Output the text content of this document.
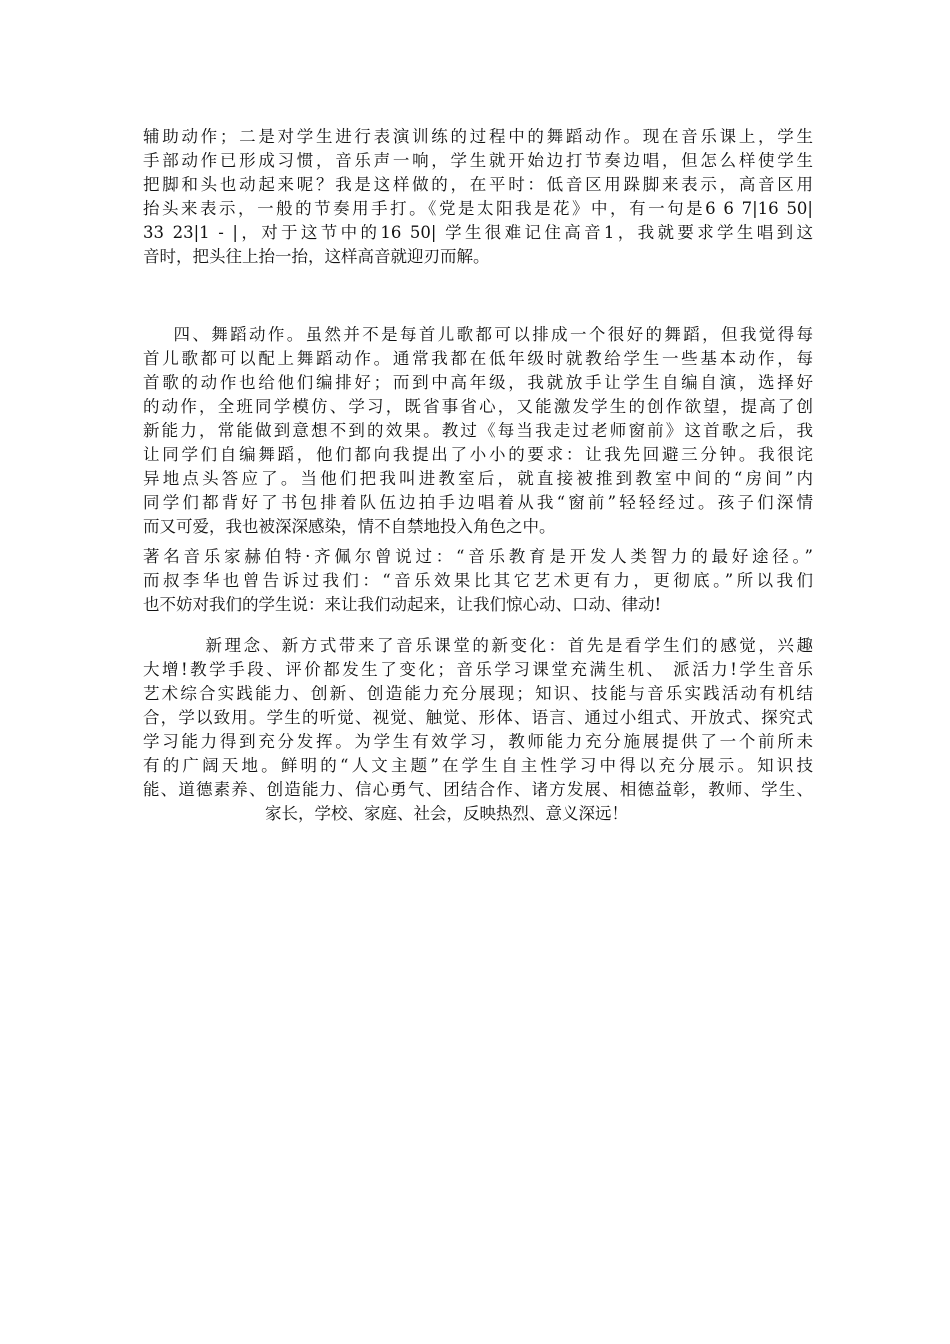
辅助动作；二是对学生进行表演训练的过程中的舞蹈动作。现在音乐课上，学生
手部动作已形成习惯，音乐声一响，学生就开始边打节奏边唱，但怎么样使学生
把脚和头也动起来呢？我是这样做的，在平时：低音区用跺脚来表示，高音区用
抬头来表示，一般的节奏用手打。《党是太阳我是花》中，有一句是6 6 7|16 50|
33 23|1 - |，对于这节中的16 50| 学生很难记住高音1，我就要求学生唱到这
音时，把头往上抬一抬，这样高音就迎刃而解。
四、舞蹈动作。虽然并不是每首儿歌都可以排成一个很好的舞蹈，但我觉得每
首儿歌都可以配上舞蹈动作。通常我都在低年级时就教给学生一些基本动作，每
首歌的动作也给他们编排好；而到中高年级，我就放手让学生自编自演，选择好
的动作，全班同学模仿、学习，既省事省心，又能激发学生的创作欲望，提高了创
新能力，常能做到意想不到的效果。教过《每当我走过老师窗前》这首歌之后，我
让同学们自编舞蹈，他们都向我提出了小小的要求：让我先回避三分钟。我很诧
异地点头答应了。当他们把我叫进教室后，就直接被推到教室中间的“房间”内
同学们都背好了书包排着队伍边拍手边唱着从我“窗前”轻轻经过。孩子们深情
而又可爱，我也被深深感染，情不自禁地投入角色之中。
著名音乐家赫伯特·齐佩尔曾说过：“音乐教育是开发人类智力的最好途径。”
而叔李华也曾告诉过我们：“音乐效果比其它艺术更有力，更彻底。”所以我们
也不妨对我们的学生说：来让我们动起来，让我们惊心动、口动、律动!
新理念、新方式带来了音乐课堂的新变化：首先是看学生们的感觉，兴趣
大增!教学手段、评价都发生了变化；音乐学习课堂充满生机、 派活力!学生音乐
艺术综合实践能力、创新、创造能力充分展现；知识、技能与音乐实践活动有机结
合，学以致用。学生的听觉、视觉、触觉、形体、语言、通过小组式、开放式、探究式
学习能力得到充分发挥。为学生有效学习，教师能力充分施展提供了一个前所未
有的广阔天地。鲜明的“人文主题”在学生自主性学习中得以充分展示。知识技
能、道德素养、创造能力、信心勇气、团结合作、诸方发展、相德益彰，教师、学生、
家长，学校、家庭、社会，反映热烈、意义深远！
